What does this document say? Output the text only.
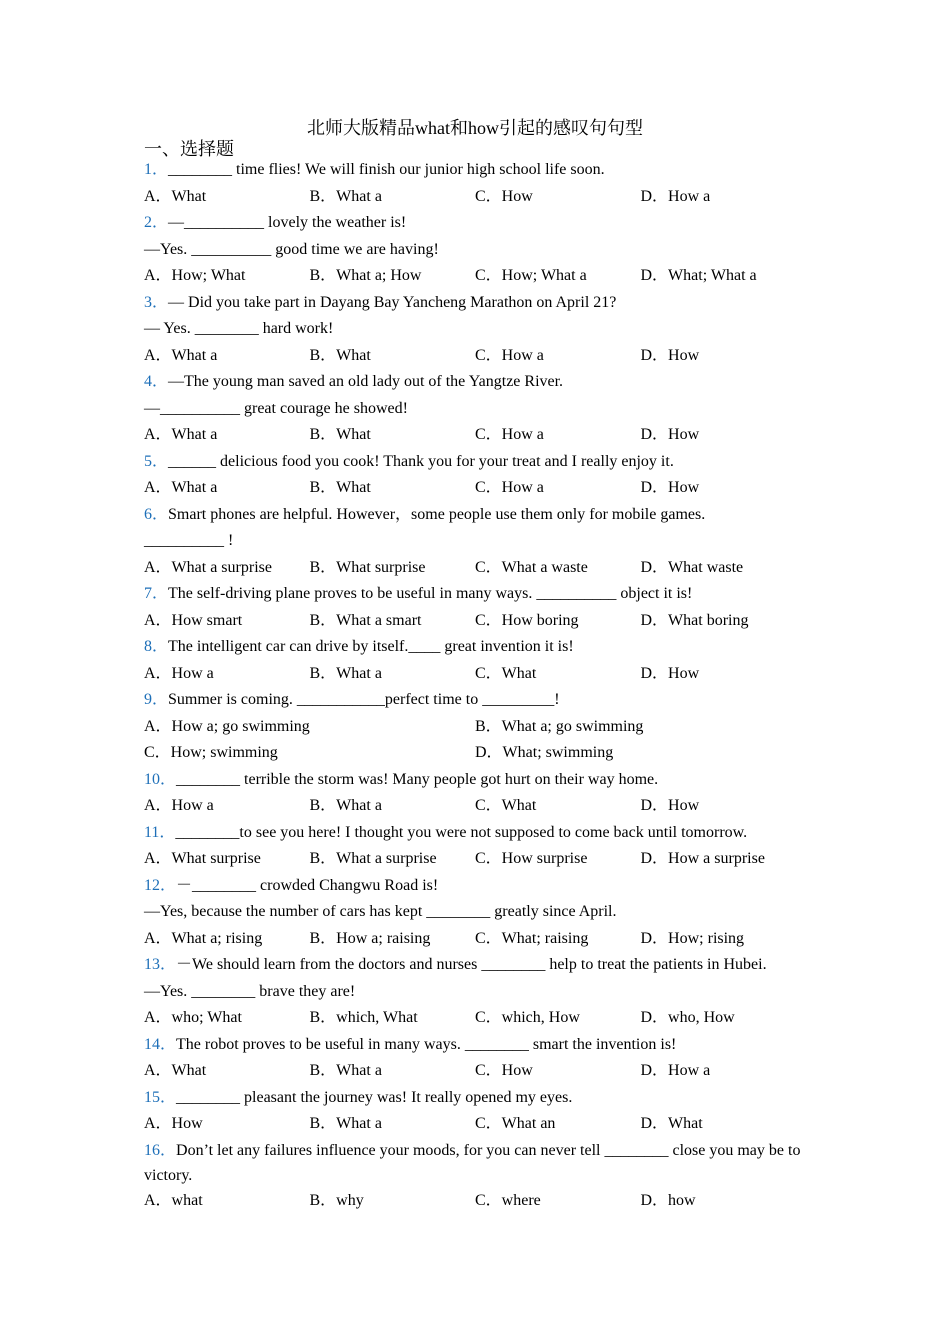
北师大版精品what和how引起的感叹句句型
一、选择题
1．________ time flies! We will finish our junior high school life soon.
A．What	B．What a	C．How	D．How a
2．—__________ lovely the weather is!
—Yes. __________ good time we are having!
A．How; What	B．What a; How	C．How; What a	D．What; What a
3．— Did you take part in Dayang Bay Yancheng Marathon on April 21?
— Yes. ________ hard work!
A．What a	B．What	C．How a	D．How
4．—The young man saved an old lady out of the Yangtze River.
—__________ great courage he showed!
A．What a	B．What	C．How a	D．How
5．______ delicious food you cook! Thank you for your treat and I really enjoy it.
A．What a	B．What	C．How a	D．How
6．Smart phones are helpful. However，some people use them only for mobile games.
__________ !
A．What a surprise	B．What surprise	C．What a waste	D．What waste
7．The self-driving plane proves to be useful in many ways. __________ object it is!
A．How smart	B．What a smart	C．How boring	D．What boring
8．The intelligent car can drive by itself.____ great invention it is!
A．How a	B．What a	C．What	D．How
9．Summer is coming. ___________perfect time to _________!
A．How a; go swimming	B．What a; go swimming
C．How; swimming	D．What; swimming
10．________ terrible the storm was! Many people got hurt on their way home.
A．How a	B．What a	C．What	D．How
11．________to see you here! I thought you were not supposed to come back until tomorrow.
A．What surprise	B．What a surprise	C．How surprise	D．How a surprise
12．－________ crowded Changwu Road is!
—Yes, because the number of cars has kept ________ greatly since April.
A．What a; rising	B．How a; raising	C．What; raising	D．How; rising
13．－We should learn from the doctors and nurses ________ help to treat the patients in Hubei.
—Yes. ________ brave they are!
A．who; What	B．which, What	C．which, How	D．who, How
14．The robot proves to be useful in many ways. ________ smart the invention is!
A．What	B．What a	C．How	D．How a
15．________ pleasant the journey was! It really opened my eyes.
A．How	B．What a	C．What an	D．What
16．Don’t let any failures influence your moods, for you can never tell ________ close you may be to victory.
A．what	B．why	C．where	D．how
